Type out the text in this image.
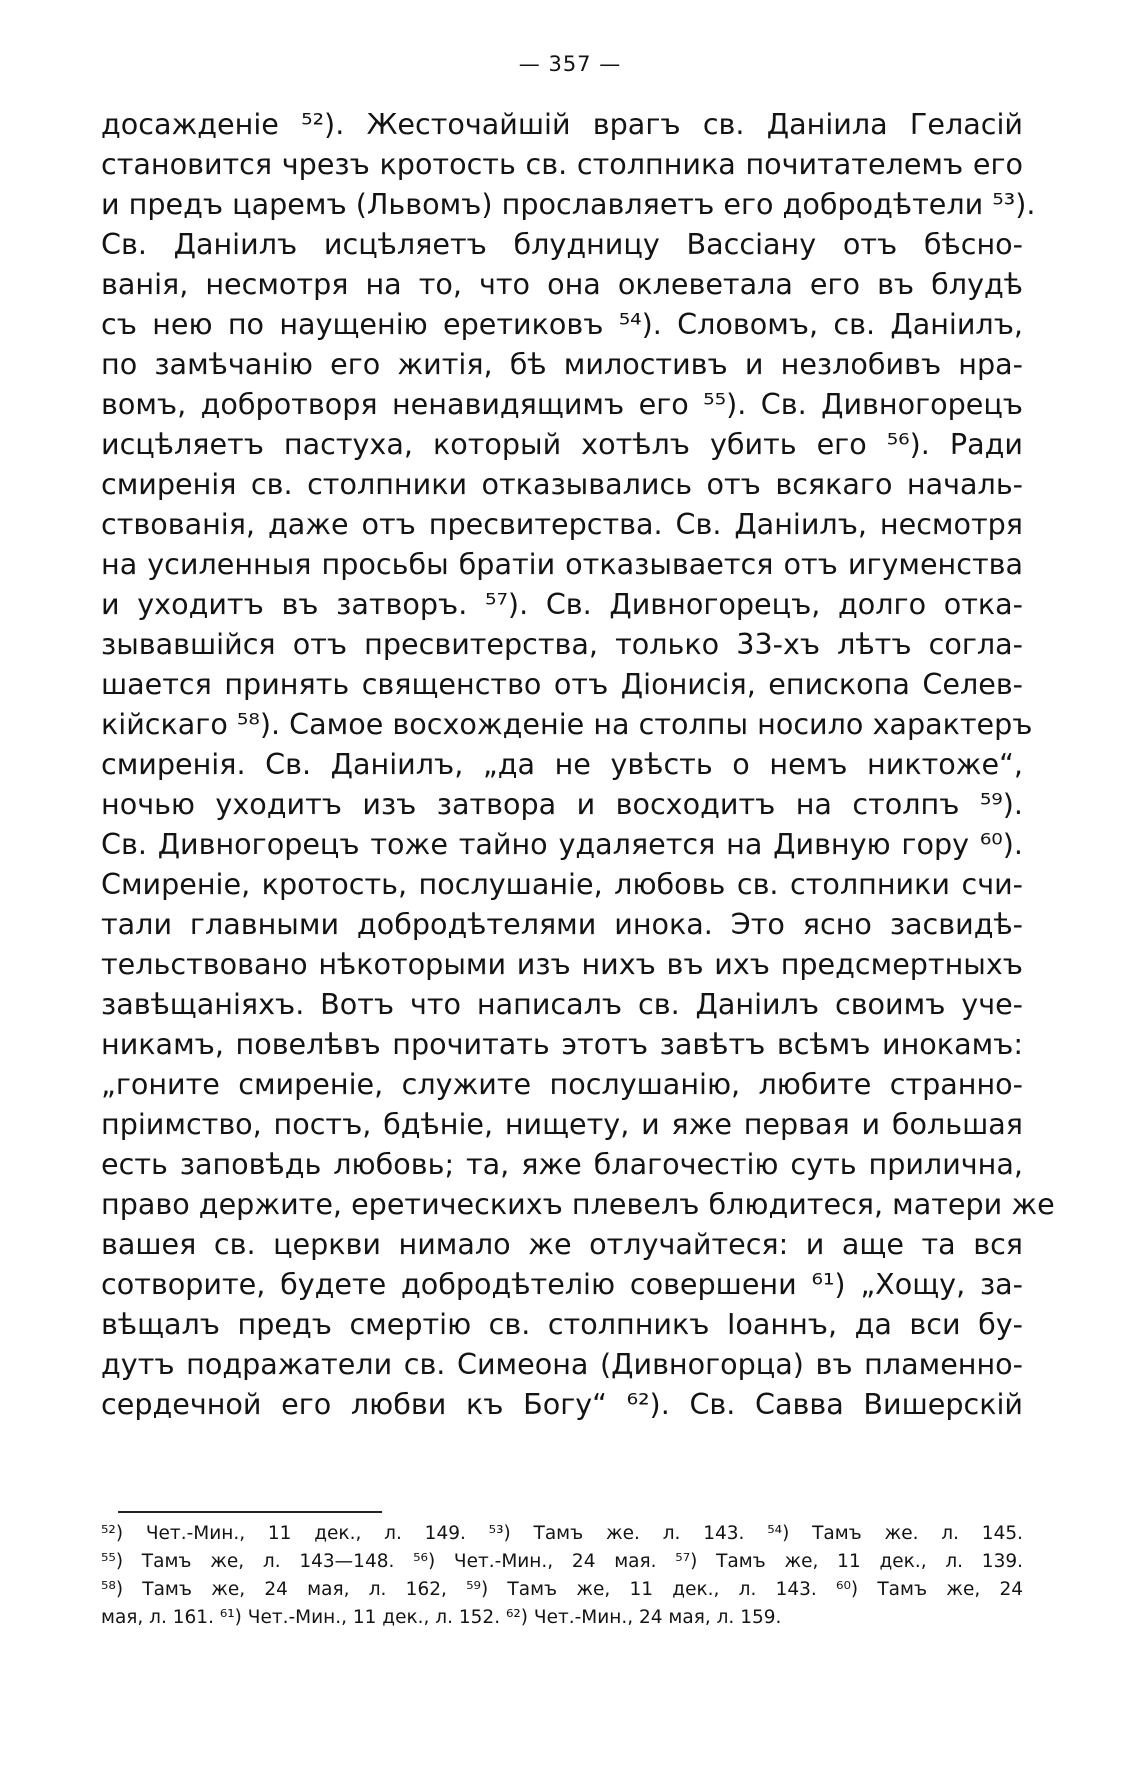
— 357 —
досажденіе ⁵²). Жесточайшій врагъ св. Даніила Геласій
становится чрезъ кротость св. столпника почитателемъ его
и предъ царемъ (Львомъ) прославляетъ его добродѣтели ⁵³).
Св. Даніилъ исцѣляетъ блудницу Вассіану отъ бѣсно-
ванія, несмотря на то, что она оклеветала его въ блудѣ
съ нею по наущенію еретиковъ ⁵⁴). Словомъ, св. Даніилъ,
по замѣчанію его житія, бѣ милостивъ и незлобивъ нра-
вомъ, добротворя ненавидящимъ его ⁵⁵). Св. Дивногорецъ
исцѣляетъ пастуха, который хотѣлъ убить его ⁵⁶). Ради
смиренія св. столпники отказывались отъ всякаго началь-
ствованія, даже отъ пресвитерства. Св. Даніилъ, несмотря
на усиленныя просьбы братіи отказывается отъ игуменства
и уходитъ въ затворъ. ⁵⁷). Св. Дивногорецъ, долго отка-
зывавшійся отъ пресвитерства, только 33-хъ лѣтъ согла-
шается принять священство отъ Діонисія, епископа Селев-
кійскаго ⁵⁸). Самое восхожденіе на столпы носило характеръ
смиренія. Св. Даніилъ, „да не увѣсть о немъ никтоже“,
ночью уходитъ изъ затвора и восходитъ на столпъ ⁵⁹).
Св. Дивногорецъ тоже тайно удаляется на Дивную гору ⁶⁰).
Смиреніе, кротость, послушаніе, любовь св. столпники счи-
тали главными добродѣтелями инока. Это ясно засвидѣ-
тельствовано нѣкоторыми изъ нихъ въ ихъ предсмертныхъ
завѣщаніяхъ. Вотъ что написалъ св. Даніилъ своимъ уче-
никамъ, повелѣвъ прочитать этотъ завѣтъ всѣмъ инокамъ:
„гоните смиреніе, служите послушанію, любите странно-
пріимство, постъ, бдѣніе, нищету, и яже первая и большая
есть заповѣдь любовь; та, яже благочестію суть прилична,
право держите, еретическихъ плевелъ блюдитеся, матери же
вашея св. церкви нимало же отлучайтеся: и аще та вся
сотворите, будете добродѣтелію совершени ⁶¹) „Хощу, за-
вѣщалъ предъ смертію св. столпникъ Іоаннъ, да вси бу-
дутъ подражатели св. Симеона (Дивногорца) въ пламенно-
сердечной его любви къ Богу“ ⁶²). Св. Савва Вишерскій
⁵²) Чет.-Мин., 11 дек., л. 149. ⁵³) Тамъ же. л. 143. ⁵⁴) Тамъ же. л. 145.
⁵⁵) Тамъ же, л. 143—148. ⁵⁶) Чет.-Мин., 24 мая. ⁵⁷) Тамъ же, 11 дек., л. 139.
⁵⁸) Тамъ же, 24 мая, л. 162, ⁵⁹) Тамъ же, 11 дек., л. 143. ⁶⁰) Тамъ же, 24
мая, л. 161. ⁶¹) Чет.-Мин., 11 дек., л. 152. ⁶²) Чет.-Мин., 24 мая, л. 159.
